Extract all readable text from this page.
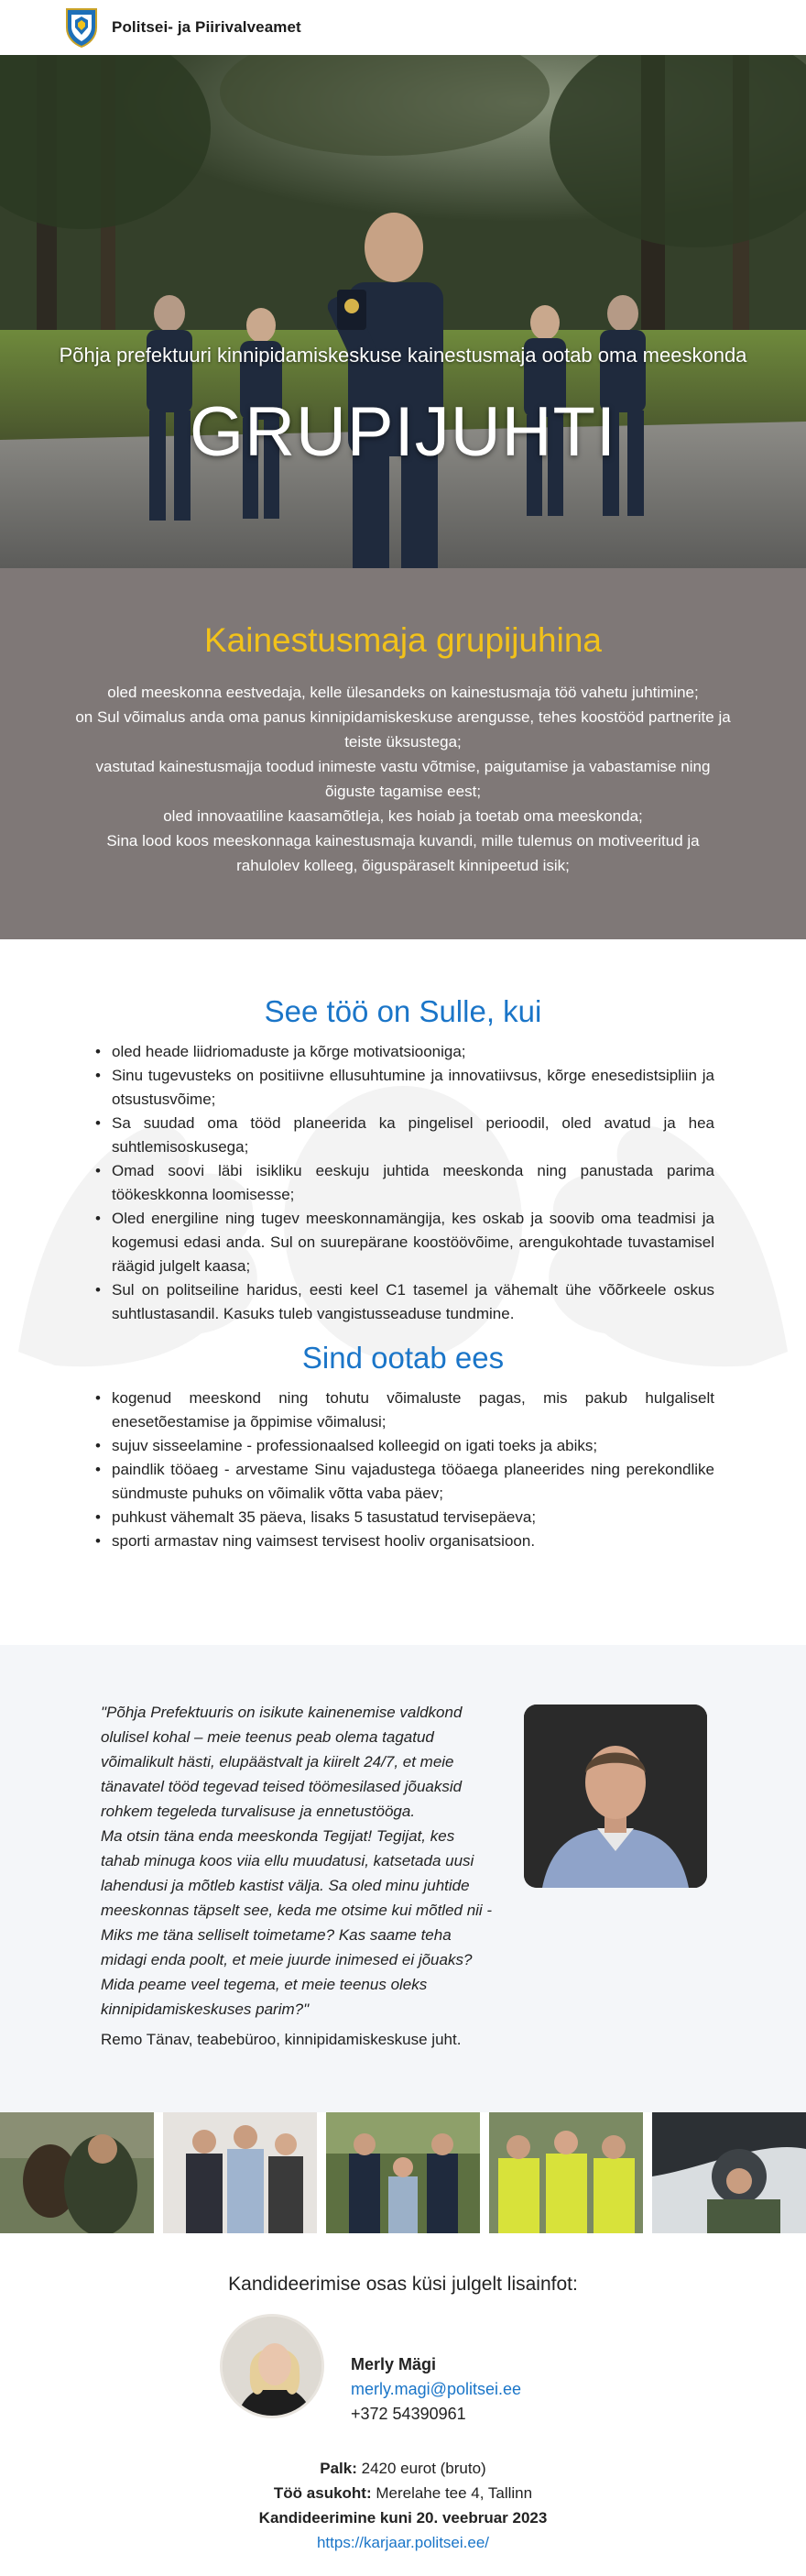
Politsei- ja Piirivalveamet
Põhja prefektuuri kinnipidamiskeskuse kainestusmaja ootab oma meeskonda
GRUPIJUHTI
Kainestusmaja grupijuhina
oled meeskonna eestvedaja, kelle ülesandeks on kainestusmaja töö vahetu juhtimine;
on Sul võimalus anda oma panus kinnipidamiskeskuse arengusse, tehes koostööd partnerite ja teiste üksustega;
vastutad kainestusmajja toodud inimeste vastu võtmise, paigutamise ja vabastamise ning õiguste tagamise eest;
oled innovaatiline kaasamõtleja, kes hoiab ja toetab oma meeskonda;
Sina lood koos meeskonnaga kainestusmaja kuvandi, mille tulemus on motiveeritud ja rahulolev kolleeg, õiguspäraselt kinnipeetud isik;
See töö on Sulle, kui
• oled heade liidriomaduste ja kõrge motivatsiooniga;
• Sinu tugevusteks on positiivne ellusuhtumine ja innovatiivsus, kõrge enesedistsipliin ja otsustusvõime;
• Sa suudad oma tööd planeerida ka pingelisel perioodil, oled avatud ja hea suhtlemisoskusega;
• Omad soovi läbi isikliku eeskuju juhtida meeskonda ning panustada parima töökeskkonna loomisesse;
• Oled energiline ning tugev meeskonnamängija, kes oskab ja soovib oma teadmisi ja kogemusi edasi anda. Sul on suurepärane koostöövõime, arengukohtade tuvastamisel räägid julgelt kaasa;
• Sul on politseiline haridus, eesti keel C1 tasemel ja vähemalt ühe võõrkeele oskus suhtlustasandil. Kasuks tuleb vangistusseaduse tundmine.
Sind ootab ees
• kogenud meeskond ning tohutu võimaluste pagas, mis pakub hulgaliselt enesetõestamise ja õppimise võimalusi;
• sujuv sisseelamine - professionaalsed kolleegid on igati toeks ja abiks;
• paindlik tööaeg - arvestame Sinu vajadustega tööaega planeerides ning perekondlike sündmuste puhuks on võimalik võtta vaba päev;
• puhkust vähemalt 35 päeva, lisaks 5 tasustatud tervisepäeva;
• sporti armastav ning vaimsest tervisest hooliv organisatsioon.
"Põhja Prefektuuris on isikute kainenemise valdkond olulisel kohal – meie teenus peab olema tagatud võimalikult hästi, elupäästvalt ja kiirelt 24/7, et meie tänavatel tööd tegevad teised töömesilased jõuaksid rohkem tegeleda turvalisuse ja ennetustööga.
Ma otsin täna enda meeskonda Tegijat! Tegijat, kes tahab minuga koos viia ellu muudatusi, katsetada uusi lahendusi ja mõtleb kastist välja. Sa oled minu juhtide meeskonnas täpselt see, keda me otsime kui mõtled nii - Miks me täna selliselt toimetame? Kas saame teha midagi enda poolt, et meie juurde inimesed ei jõuaks? Mida peame veel tegema, et meie teenus oleks kinnipidamiskeskuses parim?"
Remo Tänav, teabebüroo, kinnipidamiskeskuse juht.
Kandideerimise osas küsi julgelt lisainfot:
Merly Mägi
merly.magi@politsei.ee
+372 54390961
Palk: 2420 eurot (bruto)
Töö asukoht: Merelahe tee 4, Tallinn
Kandideerimine kuni 20. veebruar 2023
https://karjaar.politsei.ee/
